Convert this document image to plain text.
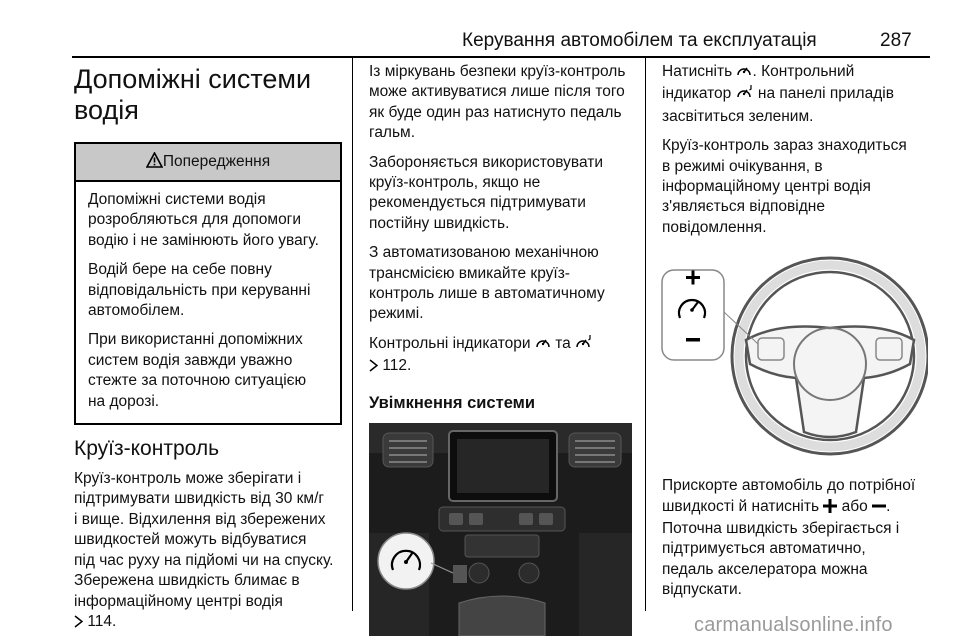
Керування автомобілем та експлуатація	287
Допоміжні системи
водія
Попередження

Допоміжні системи водія
розробляються для допомоги
водію і не замінюють його увагу.

Водій бере на себе повну
відповідальність при керуванні
автомобілем.

При використанні допоміжних
систем водія завжди уважно
стежте за поточною ситуацією
на дорозі.

Круїз-контроль

Круїз-контроль може зберігати і
підтримувати швидкість від 30 км/г
і вище. Відхилення від збережених
швидкостей можуть відбуватися
під час руху на підйомі чи на спуску.
Збережена швидкість блимає в
інформаційному центрі водія
114.

Із міркувань безпеки круїз-контроль
може активуватися лише після того
як буде один раз натиснуто педаль
гальм.

Забороняється використовувати
круїз-контроль, якщо не
рекомендується підтримувати
постійну швидкість.

З автоматизованою механічною
трансмісією вмикайте круїз-
контроль лише в автоматичному
режимі.

Контрольні індикатори та
112.

Увімкнення системи

Натисніть . Контрольний
індикатор на панелі приладів
засвітиться зеленим.

Круїз-контроль зараз знаходиться
в режимі очікування, в
інформаційному центрі водія
з'являється відповідне
повідомлення.

Прискорте автомобіль до потрібної
швидкості й натисніть або .
Поточна швидкість зберігається і
підтримується автоматично,
педаль акселератора можна
відпускати.

carmanualsonline.info
